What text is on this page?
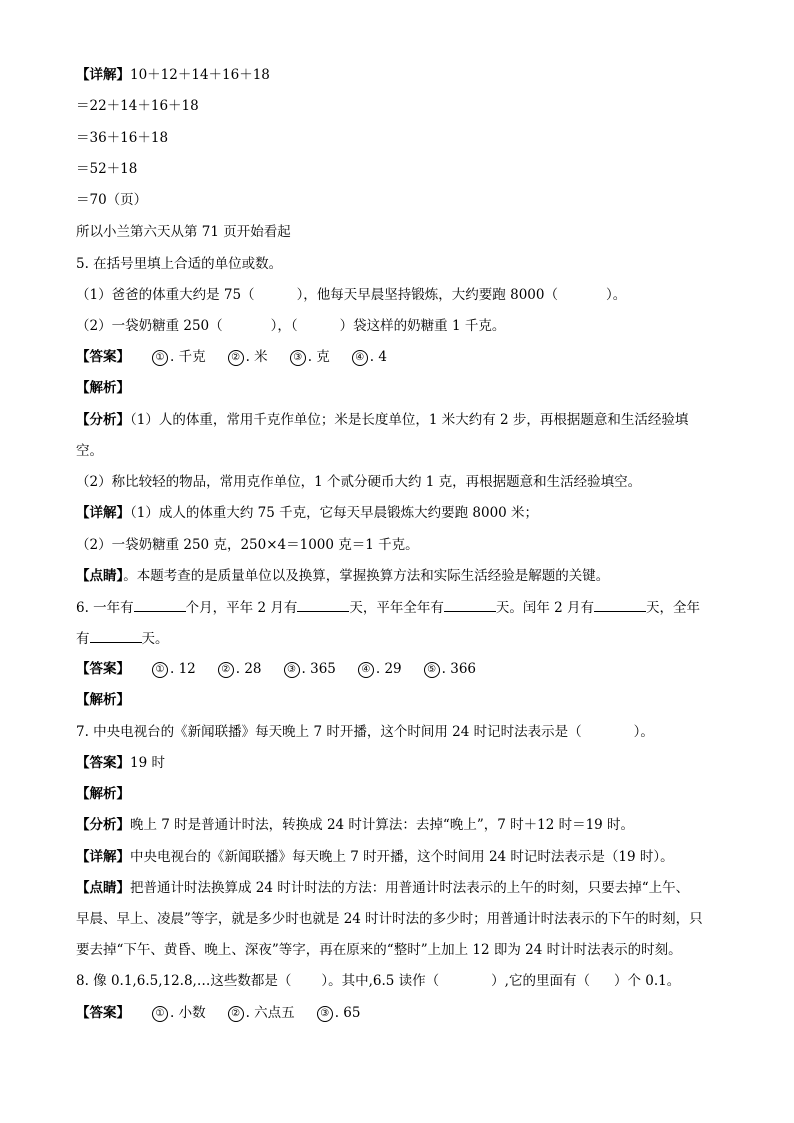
【详解】10＋12＋14＋16＋18
＝22＋14＋16＋18
＝36＋16＋18
＝52＋18
＝70（页）
所以小兰第六天从第 71 页开始看起
5. 在括号里填上合适的单位或数。
（1）爸爸的体重大约是 75（	），他每天早晨坚持锻炼，大约要跑 8000（	）。
（2）一袋奶糖重 250（	），（	）袋这样的奶糖重 1 千克。
【答案】	① . 千克	② . 米	③ . 克	④ . 4
【解析】
【分析】（1）人的体重，常用千克作单位；米是长度单位，1 米大约有 2 步，再根据题意和生活经验填
空。
（2）称比较轻的物品，常用克作单位，1 个贰分硬币大约 1 克，再根据题意和生活经验填空。
【详解】（1）成人的体重大约 75 千克，它每天早晨锻炼大约要跑 8000 米；
（2）一袋奶糖重 250 克，250×4＝1000 克＝1 千克。
【点睛】。本题考查的是质量单位以及换算，掌握换算方法和实际生活经验是解题的关键。
6. 一年有	个月，平年 2 月有	天，平年全年有	天。闰年 2 月有	天，全年
有	天。
【答案】	① . 12	② . 28	③ . 365	④ . 29	⑤ . 366
【解析】
7. 中央电视台的《新闻联播》每天晚上 7 时开播，这个时间用 24 时记时法表示是（	）。
【答案】19 时
【解析】
【分析】晚上 7 时是普通计时法，转换成 24 时计算法：去掉“晚上”，7 时＋12 时＝19 时。
【详解】中央电视台的《新闻联播》每天晚上 7 时开播，这个时间用 24 时记时法表示是（19 时）。
【点睛】把普通计时法换算成 24 时计时法的方法：用普通计时法表示的上午的时刻，只要去掉“上午、
早晨、早上、凌晨”等字，就是多少时也就是 24 时计时法的多少时；用普通计时法表示的下午的时刻，只
要去掉“下午、黄昏、晚上、深夜”等字，再在原来的“整时”上加上 12 即为 24 时计时法表示的时刻。
8. 像 0.1,6.5,12.8,…这些数都是（ ）。其中,6.5 读作（	）,它的里面有（ ）个 0.1。
【答案】	① . 小数	② . 六点五	③ . 65
